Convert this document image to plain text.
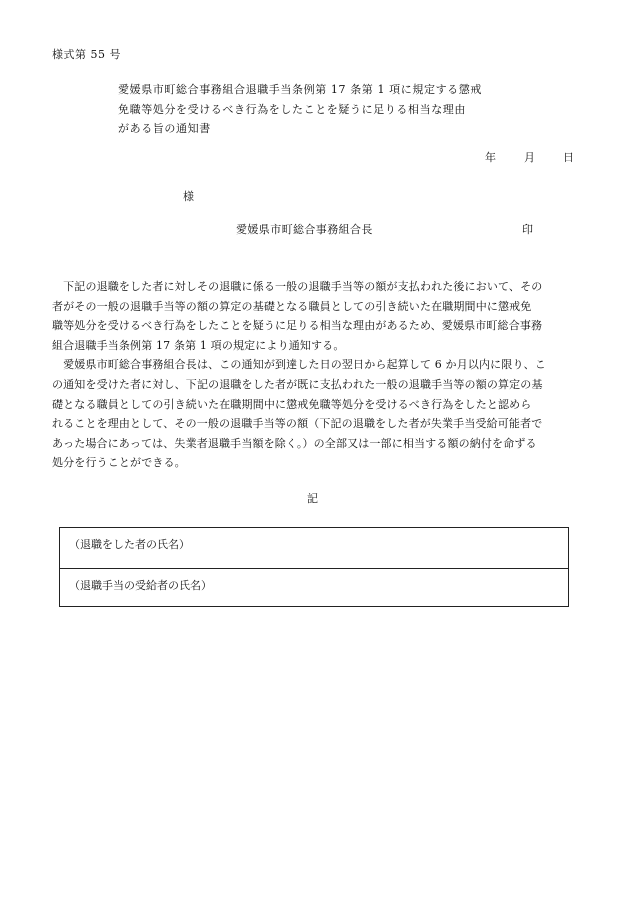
様式第 55 号
愛媛県市町総合事務組合退職手当条例第 17 条第 1 項に規定する懲戒
免職等処分を受けるべき行為をしたことを疑うに足りる相当な理由
がある旨の通知書
年	月	日
様
愛媛県市町総合事務組合長	印
　下記の退職をした者に対しその退職に係る一般の退職手当等の額が支払われた後において、その
者がその一般の退職手当等の額の算定の基礎となる職員としての引き続いた在職期間中に懲戒免
職等処分を受けるべき行為をしたことを疑うに足りる相当な理由があるため、愛媛県市町総合事務
組合退職手当条例第 17 条第 1 項の規定により通知する。
　愛媛県市町総合事務組合長は、この通知が到達した日の翌日から起算して 6 か月以内に限り、こ
の通知を受けた者に対し、下記の退職をした者が既に支払われた一般の退職手当等の額の算定の基
礎となる職員としての引き続いた在職期間中に懲戒免職等処分を受けるべき行為をしたと認めら
れることを理由として、その一般の退職手当等の額（下記の退職をした者が失業手当受給可能者で
あった場合にあっては、失業者退職手当額を除く。）の全部又は一部に相当する額の納付を命ずる
処分を行うことができる。
記
（退職をした者の氏名）
（退職手当の受給者の氏名）
